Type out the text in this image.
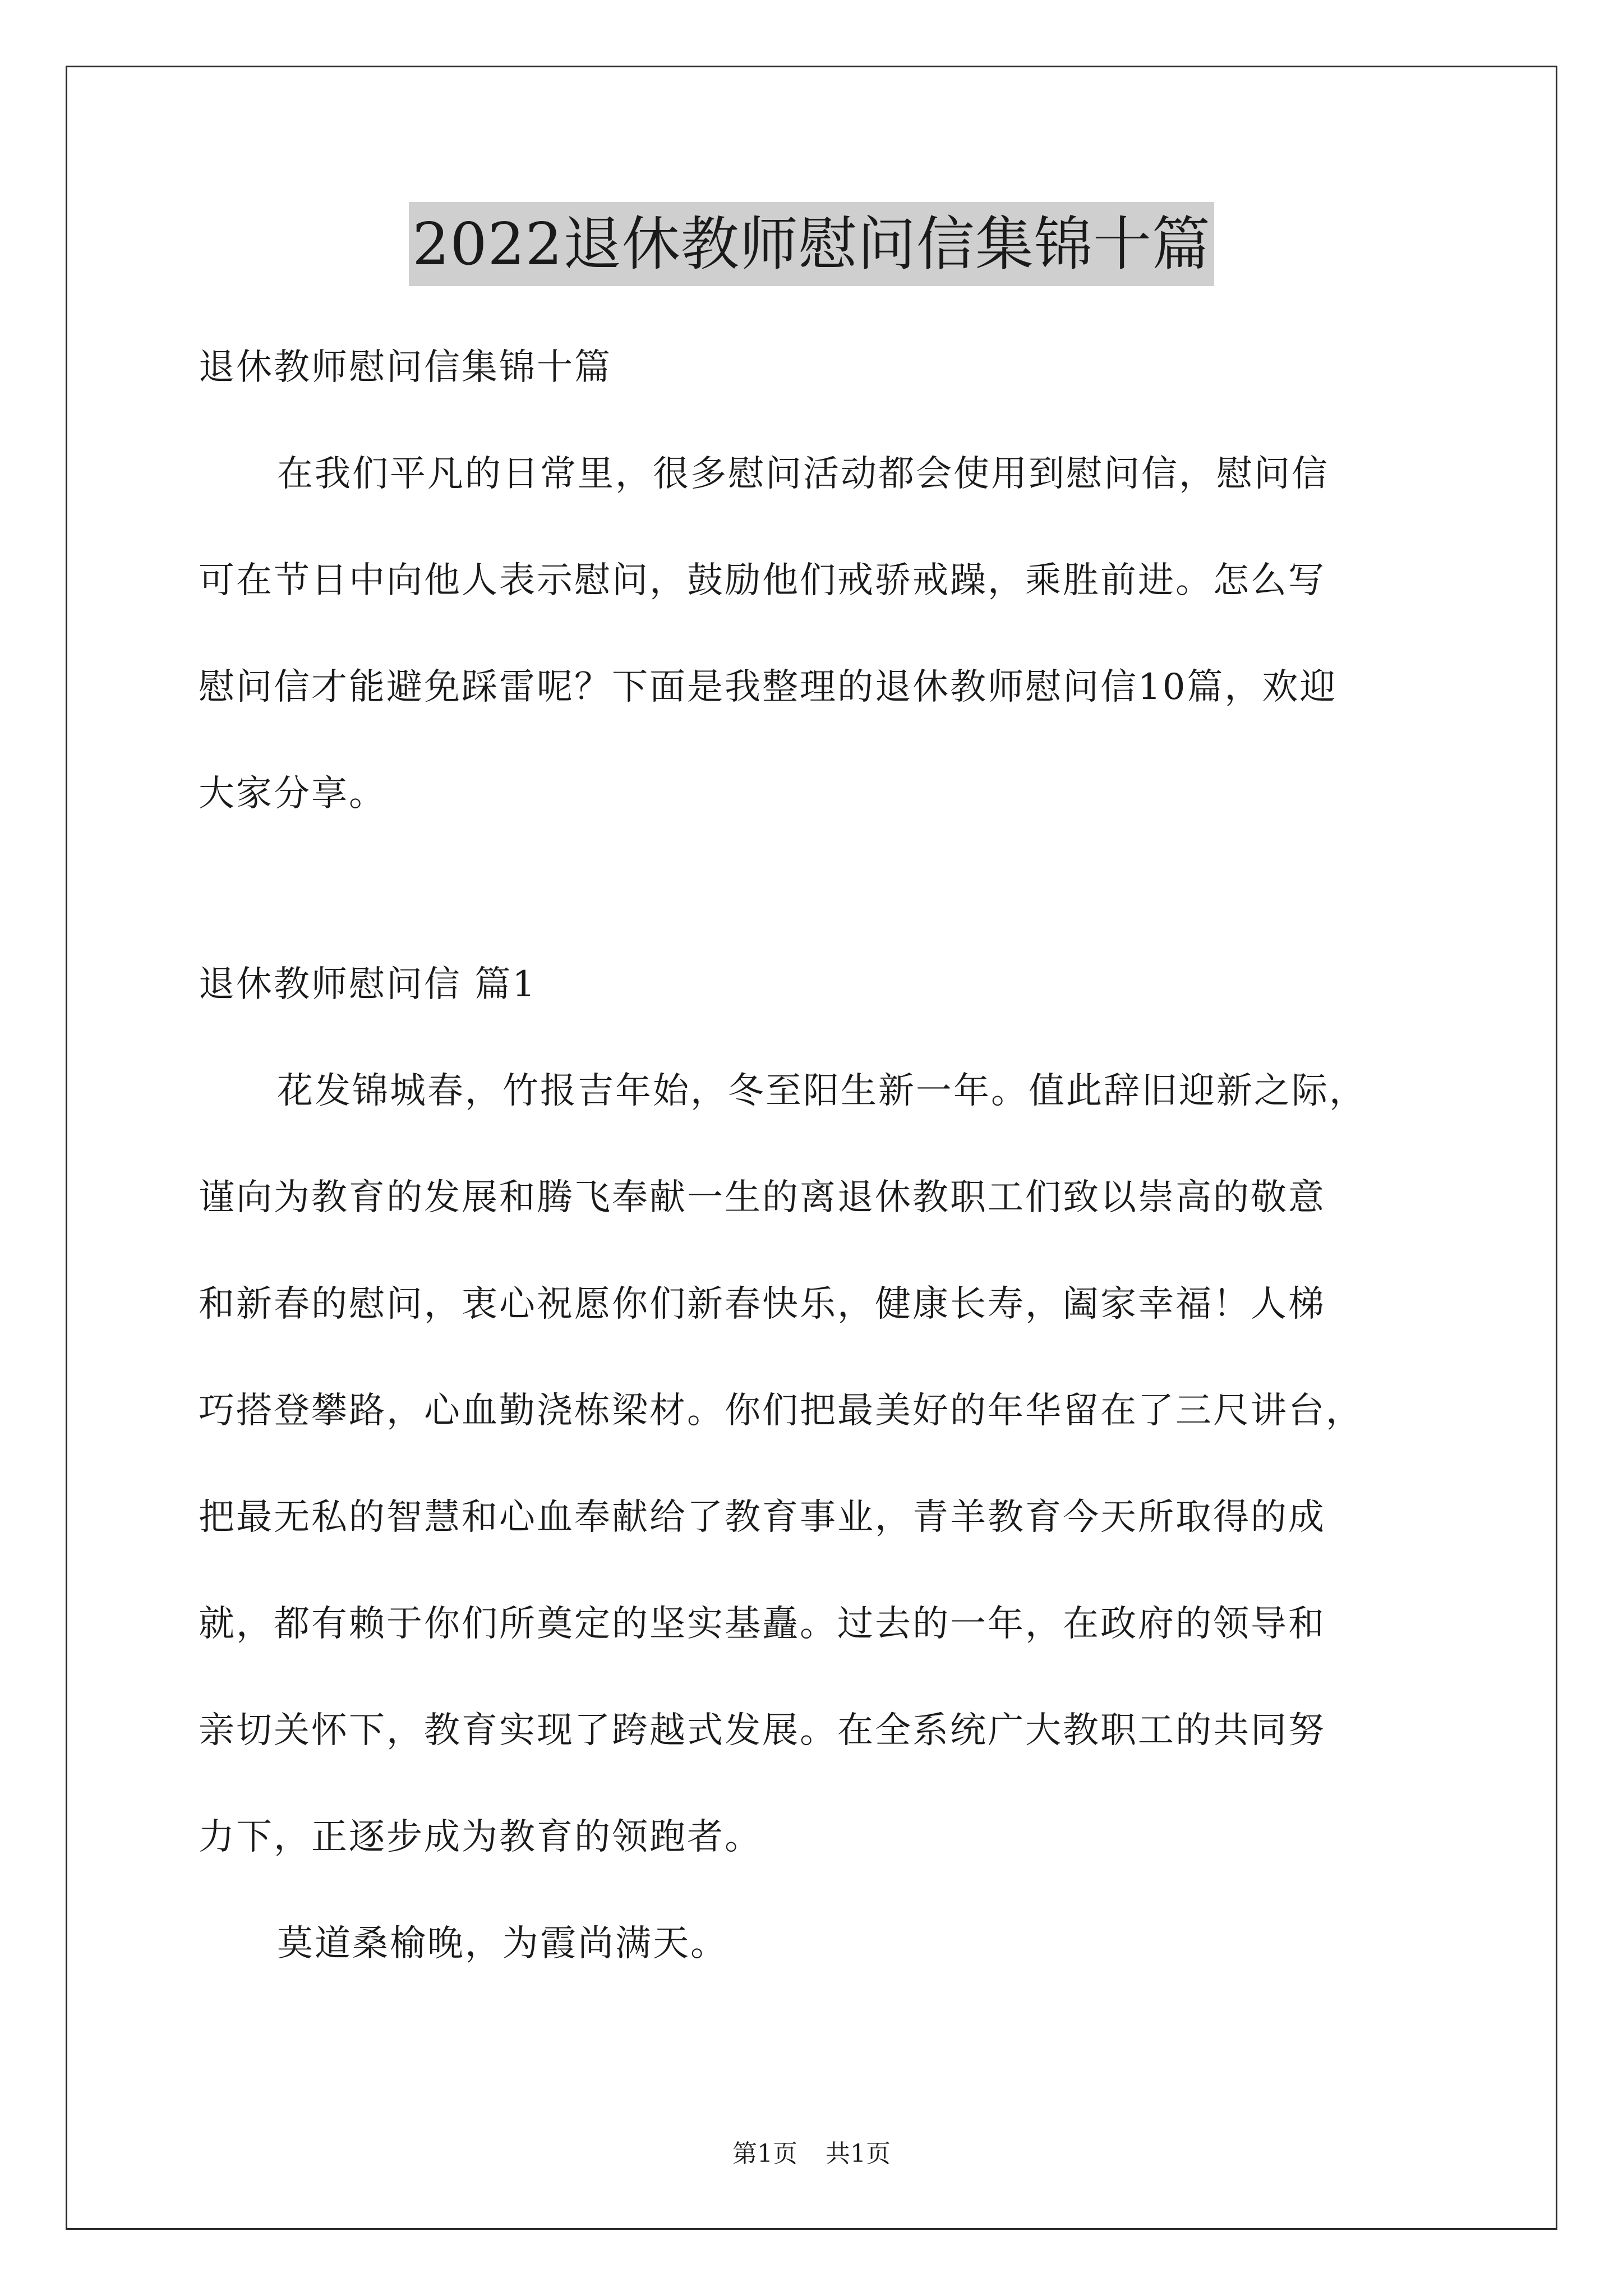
2022退休教师慰问信集锦十篇

退休教师慰问信集锦十篇

在我们平凡的日常里，很多慰问活动都会使用到慰问信，慰问信

可在节日中向他人表示慰问，鼓励他们戒骄戒躁，乘胜前进。怎么写

慰问信才能避免踩雷呢？下面是我整理的退休教师慰问信10篇，欢迎

大家分享。

退休教师慰问信 篇1

花发锦城春，竹报吉年始，冬至阳生新一年。值此辞旧迎新之际，

谨向为教育的发展和腾飞奉献一生的离退休教职工们致以崇高的敬意

和新春的慰问，衷心祝愿你们新春快乐，健康长寿，阖家幸福！人梯

巧搭登攀路，心血勤浇栋梁材。你们把最美好的年华留在了三尺讲台，

把最无私的智慧和心血奉献给了教育事业，青羊教育今天所取得的成

就，都有赖于你们所奠定的坚实基矗。过去的一年，在政府的领导和

亲切关怀下，教育实现了跨越式发展。在全系统广大教职工的共同努

力下，正逐步成为教育的领跑者。

莫道桑榆晚，为霞尚满天。

第1页 共1页
